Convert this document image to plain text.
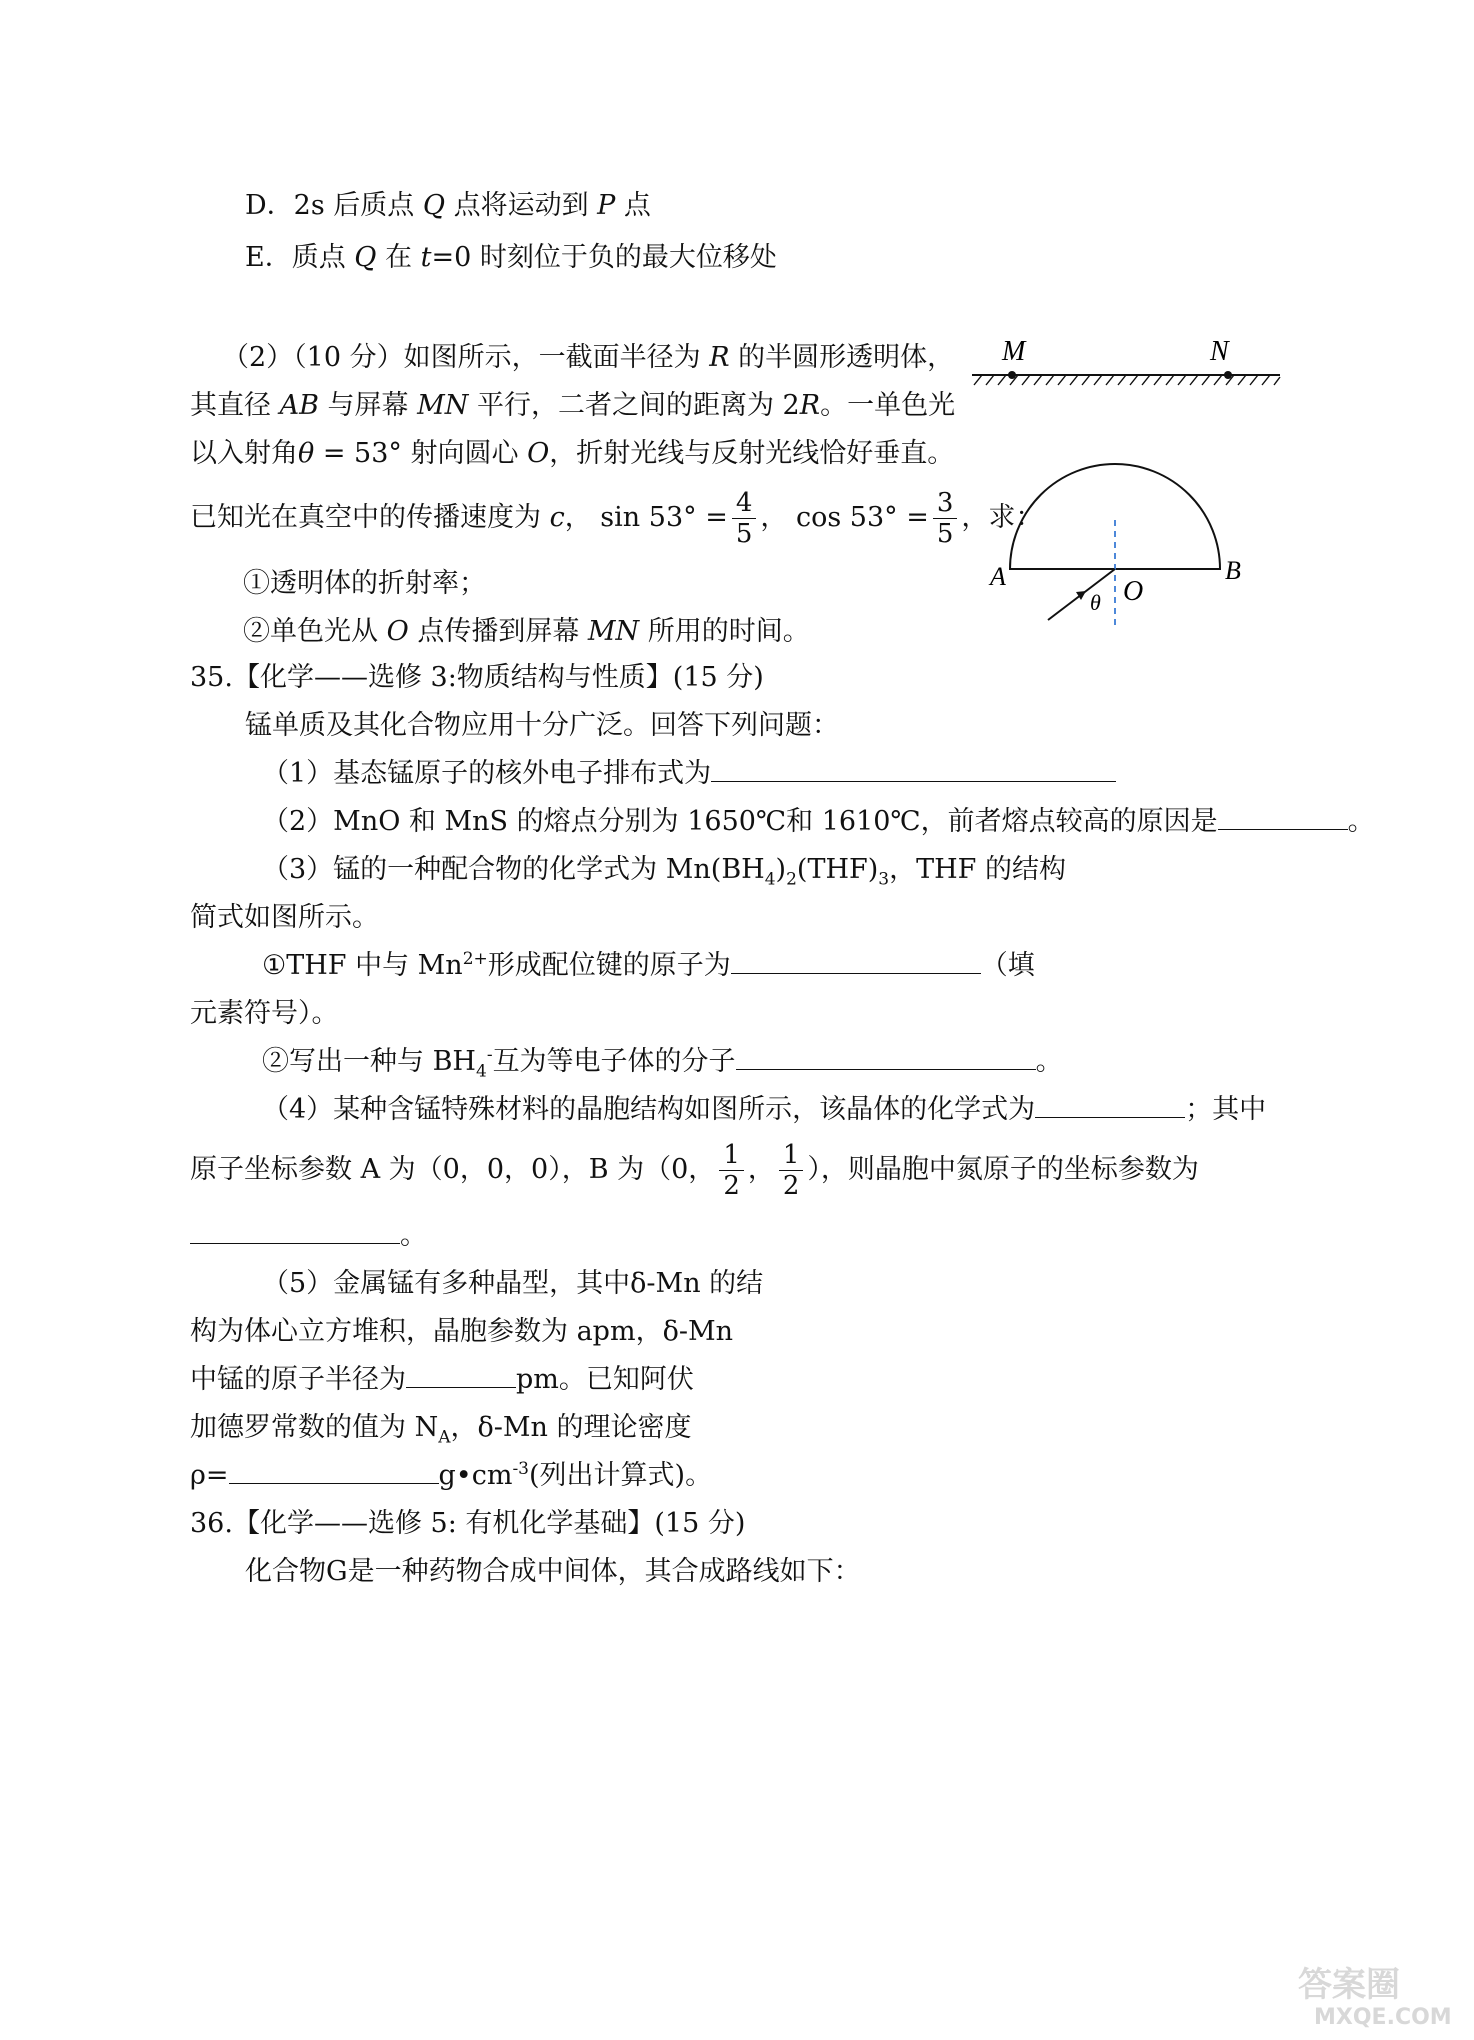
D．2s 后质点 Q 点将运动到 P 点
E．质点 Q 在 t=0 时刻位于负的最大位移处
（2）（10 分）如图所示，一截面半径为 R 的半圆形透明体，
其直径 AB 与屏幕 MN 平行，二者之间的距离为 2R。一单色光
以入射角θ = 53° 射向圆心 O，折射光线与反射光线恰好垂直。
已知光在真空中的传播速度为 c， $\sin 53^\circ = \frac{4}{5}$ ， $\cos 53^\circ = \frac{3}{5}$ ，求：
①透明体的折射率；
②单色光从 O 点传播到屏幕 MN 所用的时间。
M	N
A	B
O
θ
35.【化学——选修 3:物质结构与性质】(15 分)
锰单质及其化合物应用十分广泛。回答下列问题：
（1）基态锰原子的核外电子排布式为
（2）MnO 和 MnS 的熔点分别为 1650℃和 1610℃，前者熔点较高的原因是	。
（3）锰的一种配合物的化学式为 $Mn(BH_4)_2(THF)_3$，THF 的结构
简式如图所示。
①THF 中与 $Mn^{2+}$形成配位键的原子为	（填
元素符号）。
②写出一种与 $BH_4^-$互为等电子体的分子	。
（4）某种含锰特殊材料的晶胞结构如图所示，该晶体的化学式为	；其中
原子坐标参数 A 为（0，0，0），B 为（0， $\frac{1}{2}$ ， $\frac{1}{2}$ ），则晶胞中氮原子的坐标参数为
。
（5）金属锰有多种晶型，其中δ-Mn 的结
构为体心立方堆积，晶胞参数为 apm，δ-Mn
中锰的原子半径为	pm。已知阿伏
加德罗常数的值为 $N_A$，δ-Mn 的理论密度
ρ=	$g•cm^{-3}$(列出计算式)。
36.【化学——选修 5: 有机化学基础】(15 分)
化合物G是一种药物合成中间体，其合成路线如下：
答案圈
MXQE.COM
